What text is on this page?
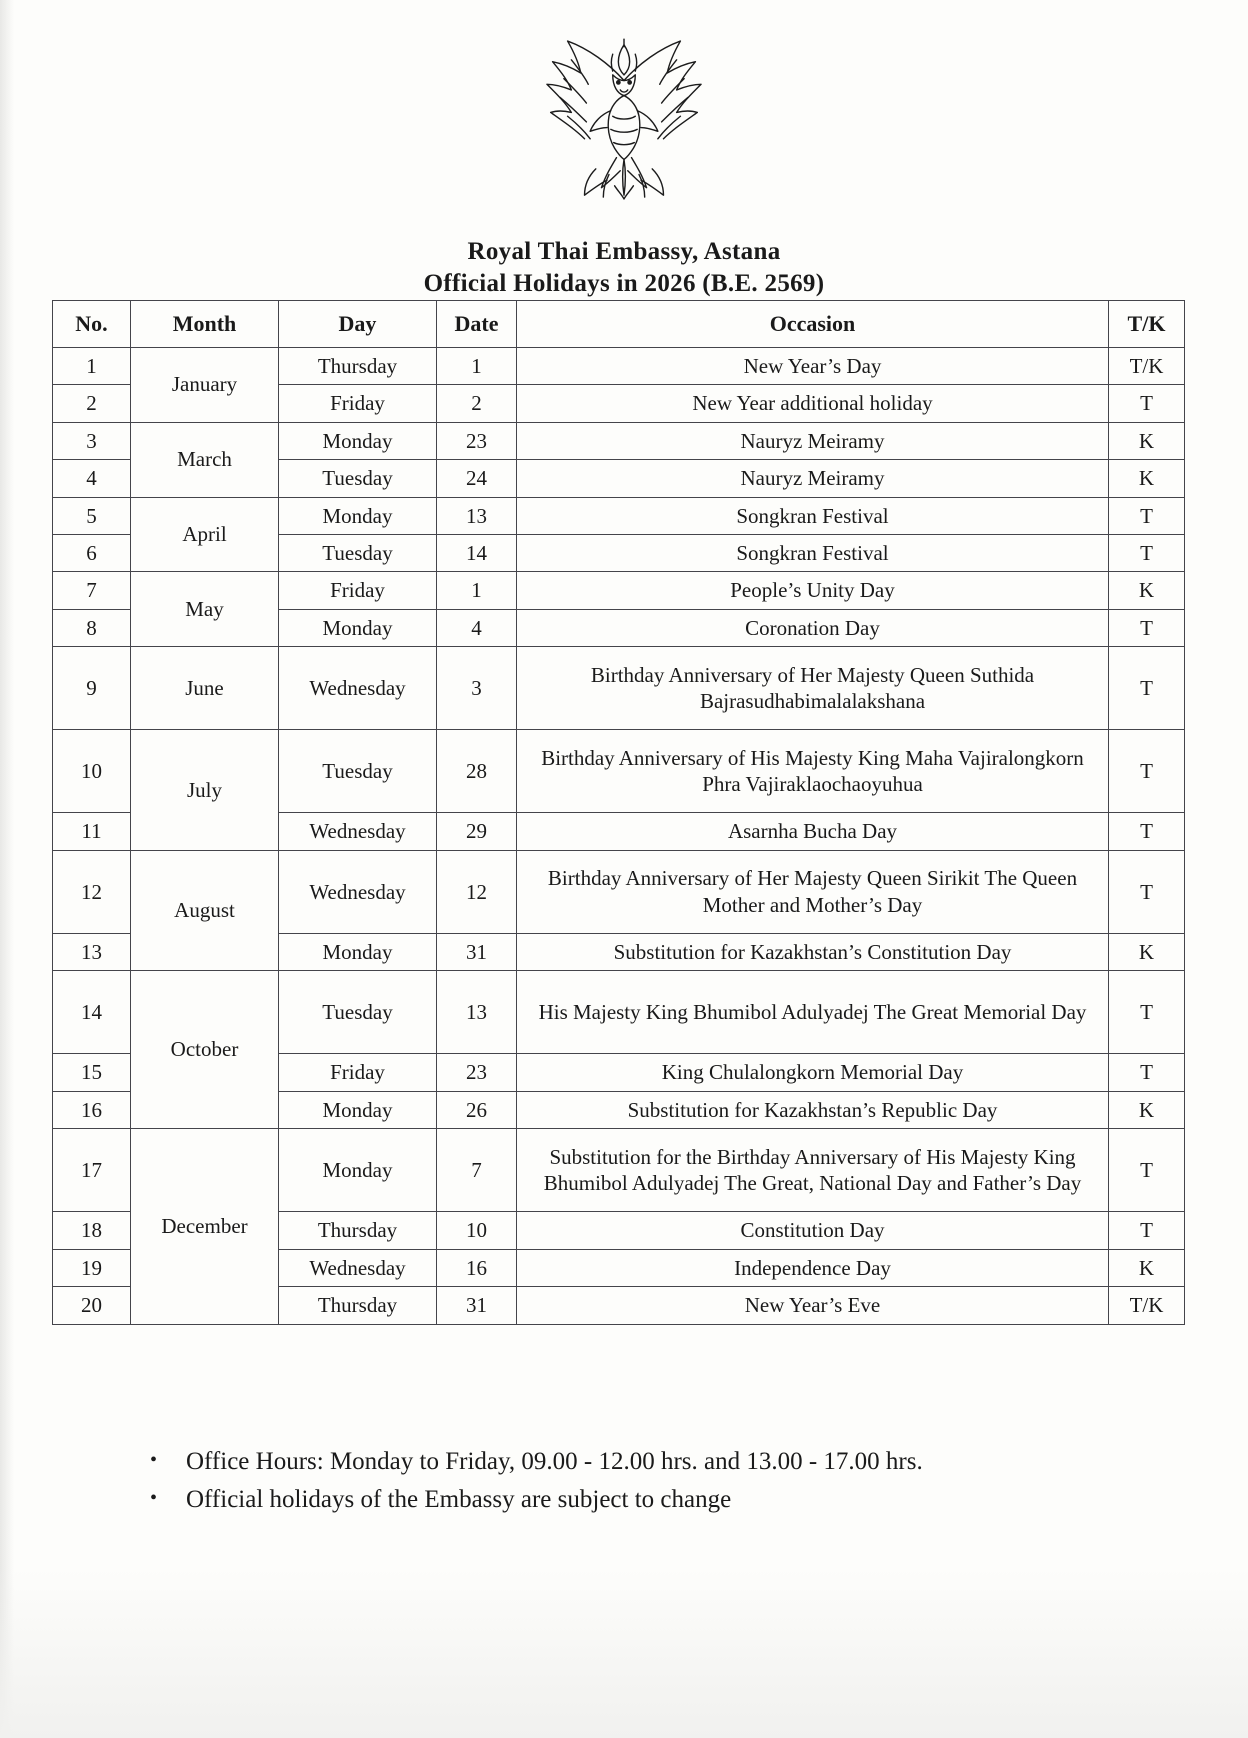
Royal Thai Embassy, Astana
Official Holidays in 2026 (B.E. 2569)
No.	Month	Day	Date	Occasion	T/K
1	January	Thursday	1	New Year’s Day	T/K
2		Friday	2	New Year additional holiday	T
3	March	Monday	23	Nauryz Meiramy	K
4		Tuesday	24	Nauryz Meiramy	K
5	April	Monday	13	Songkran Festival	T
6		Tuesday	14	Songkran Festival	T
7	May	Friday	1	People’s Unity Day	K
8		Monday	4	Coronation Day	T
9	June	Wednesday	3	Birthday Anniversary of Her Majesty Queen Suthida Bajrasudhabimalalakshana	T
10	July	Tuesday	28	Birthday Anniversary of His Majesty King Maha Vajiralongkorn Phra Vajiraklaochaoyuhua	T
11		Wednesday	29	Asarnha Bucha Day	T
12	August	Wednesday	12	Birthday Anniversary of Her Majesty Queen Sirikit The Queen Mother and Mother’s Day	T
13		Monday	31	Substitution for Kazakhstan’s Constitution Day	K
14	October	Tuesday	13	His Majesty King Bhumibol Adulyadej The Great Memorial Day	T
15		Friday	23	King Chulalongkorn Memorial Day	T
16		Monday	26	Substitution for Kazakhstan’s Republic Day	K
17	December	Monday	7	Substitution for the Birthday Anniversary of His Majesty King Bhumibol Adulyadej The Great, National Day and Father’s Day	T
18		Thursday	10	Constitution Day	T
19		Wednesday	16	Independence Day	K
20		Thursday	31	New Year’s Eve	T/K
•	Office Hours: Monday to Friday, 09.00 - 12.00 hrs. and 13.00 - 17.00 hrs.
•	Official holidays of the Embassy are subject to change
